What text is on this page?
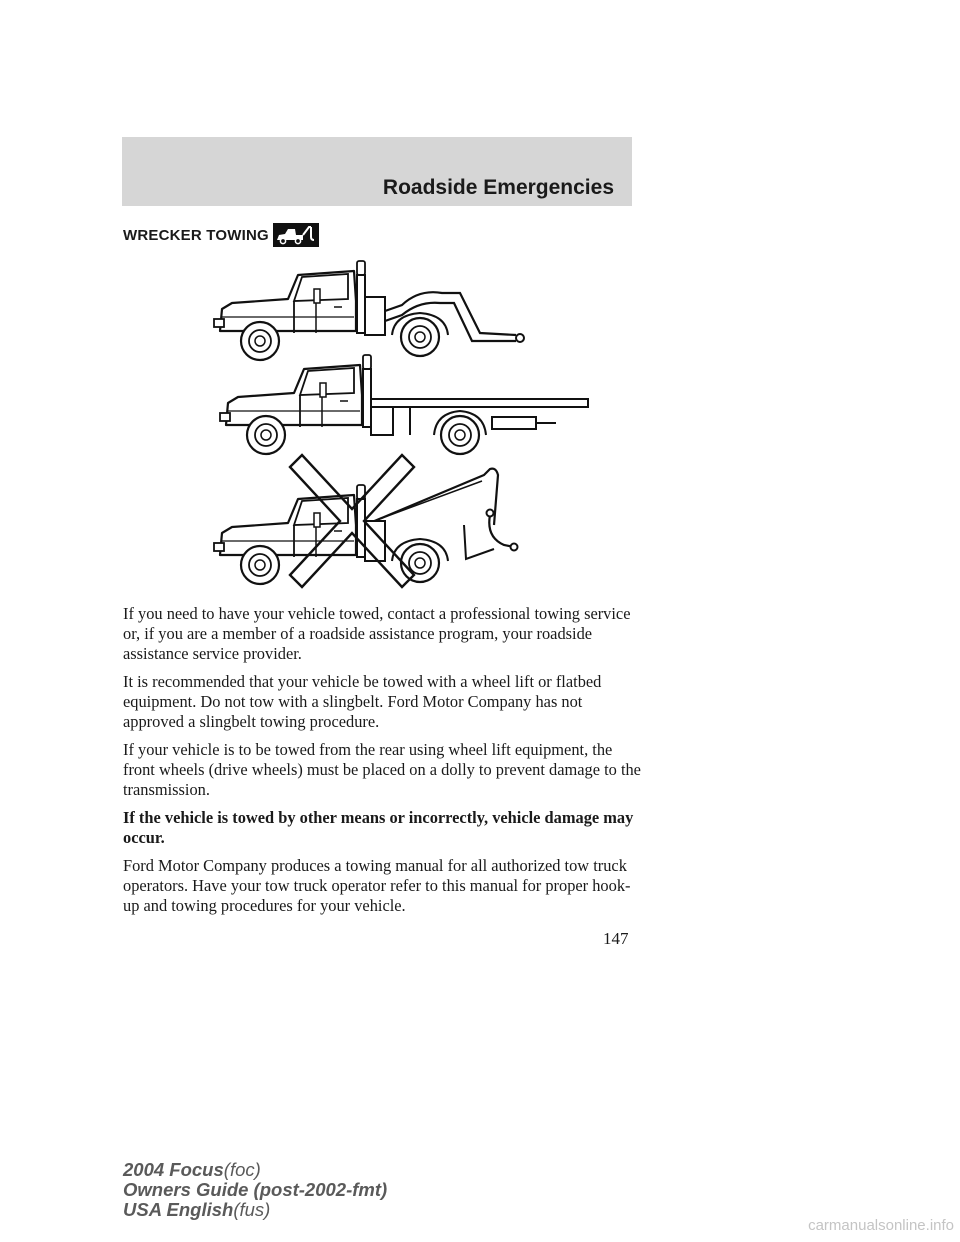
Roadside Emergencies
WRECKER TOWING

If you need to have your vehicle towed, contact a professional towing service or, if you are a member of a roadside assistance program, your roadside assistance service provider.

It is recommended that your vehicle be towed with a wheel lift or flatbed equipment. Do not tow with a slingbelt. Ford Motor Company has not approved a slingbelt towing procedure.

If your vehicle is to be towed from the rear using wheel lift equipment, the front wheels (drive wheels) must be placed on a dolly to prevent damage to the transmission.

If the vehicle is towed by other means or incorrectly, vehicle damage may occur.

Ford Motor Company produces a towing manual for all authorized tow truck operators. Have your tow truck operator refer to this manual for proper hook-up and towing procedures for your vehicle.

147
2004 Focus(foc)
Owners Guide (post-2002-fmt)
USA English(fus)
carmanualsonline.info
